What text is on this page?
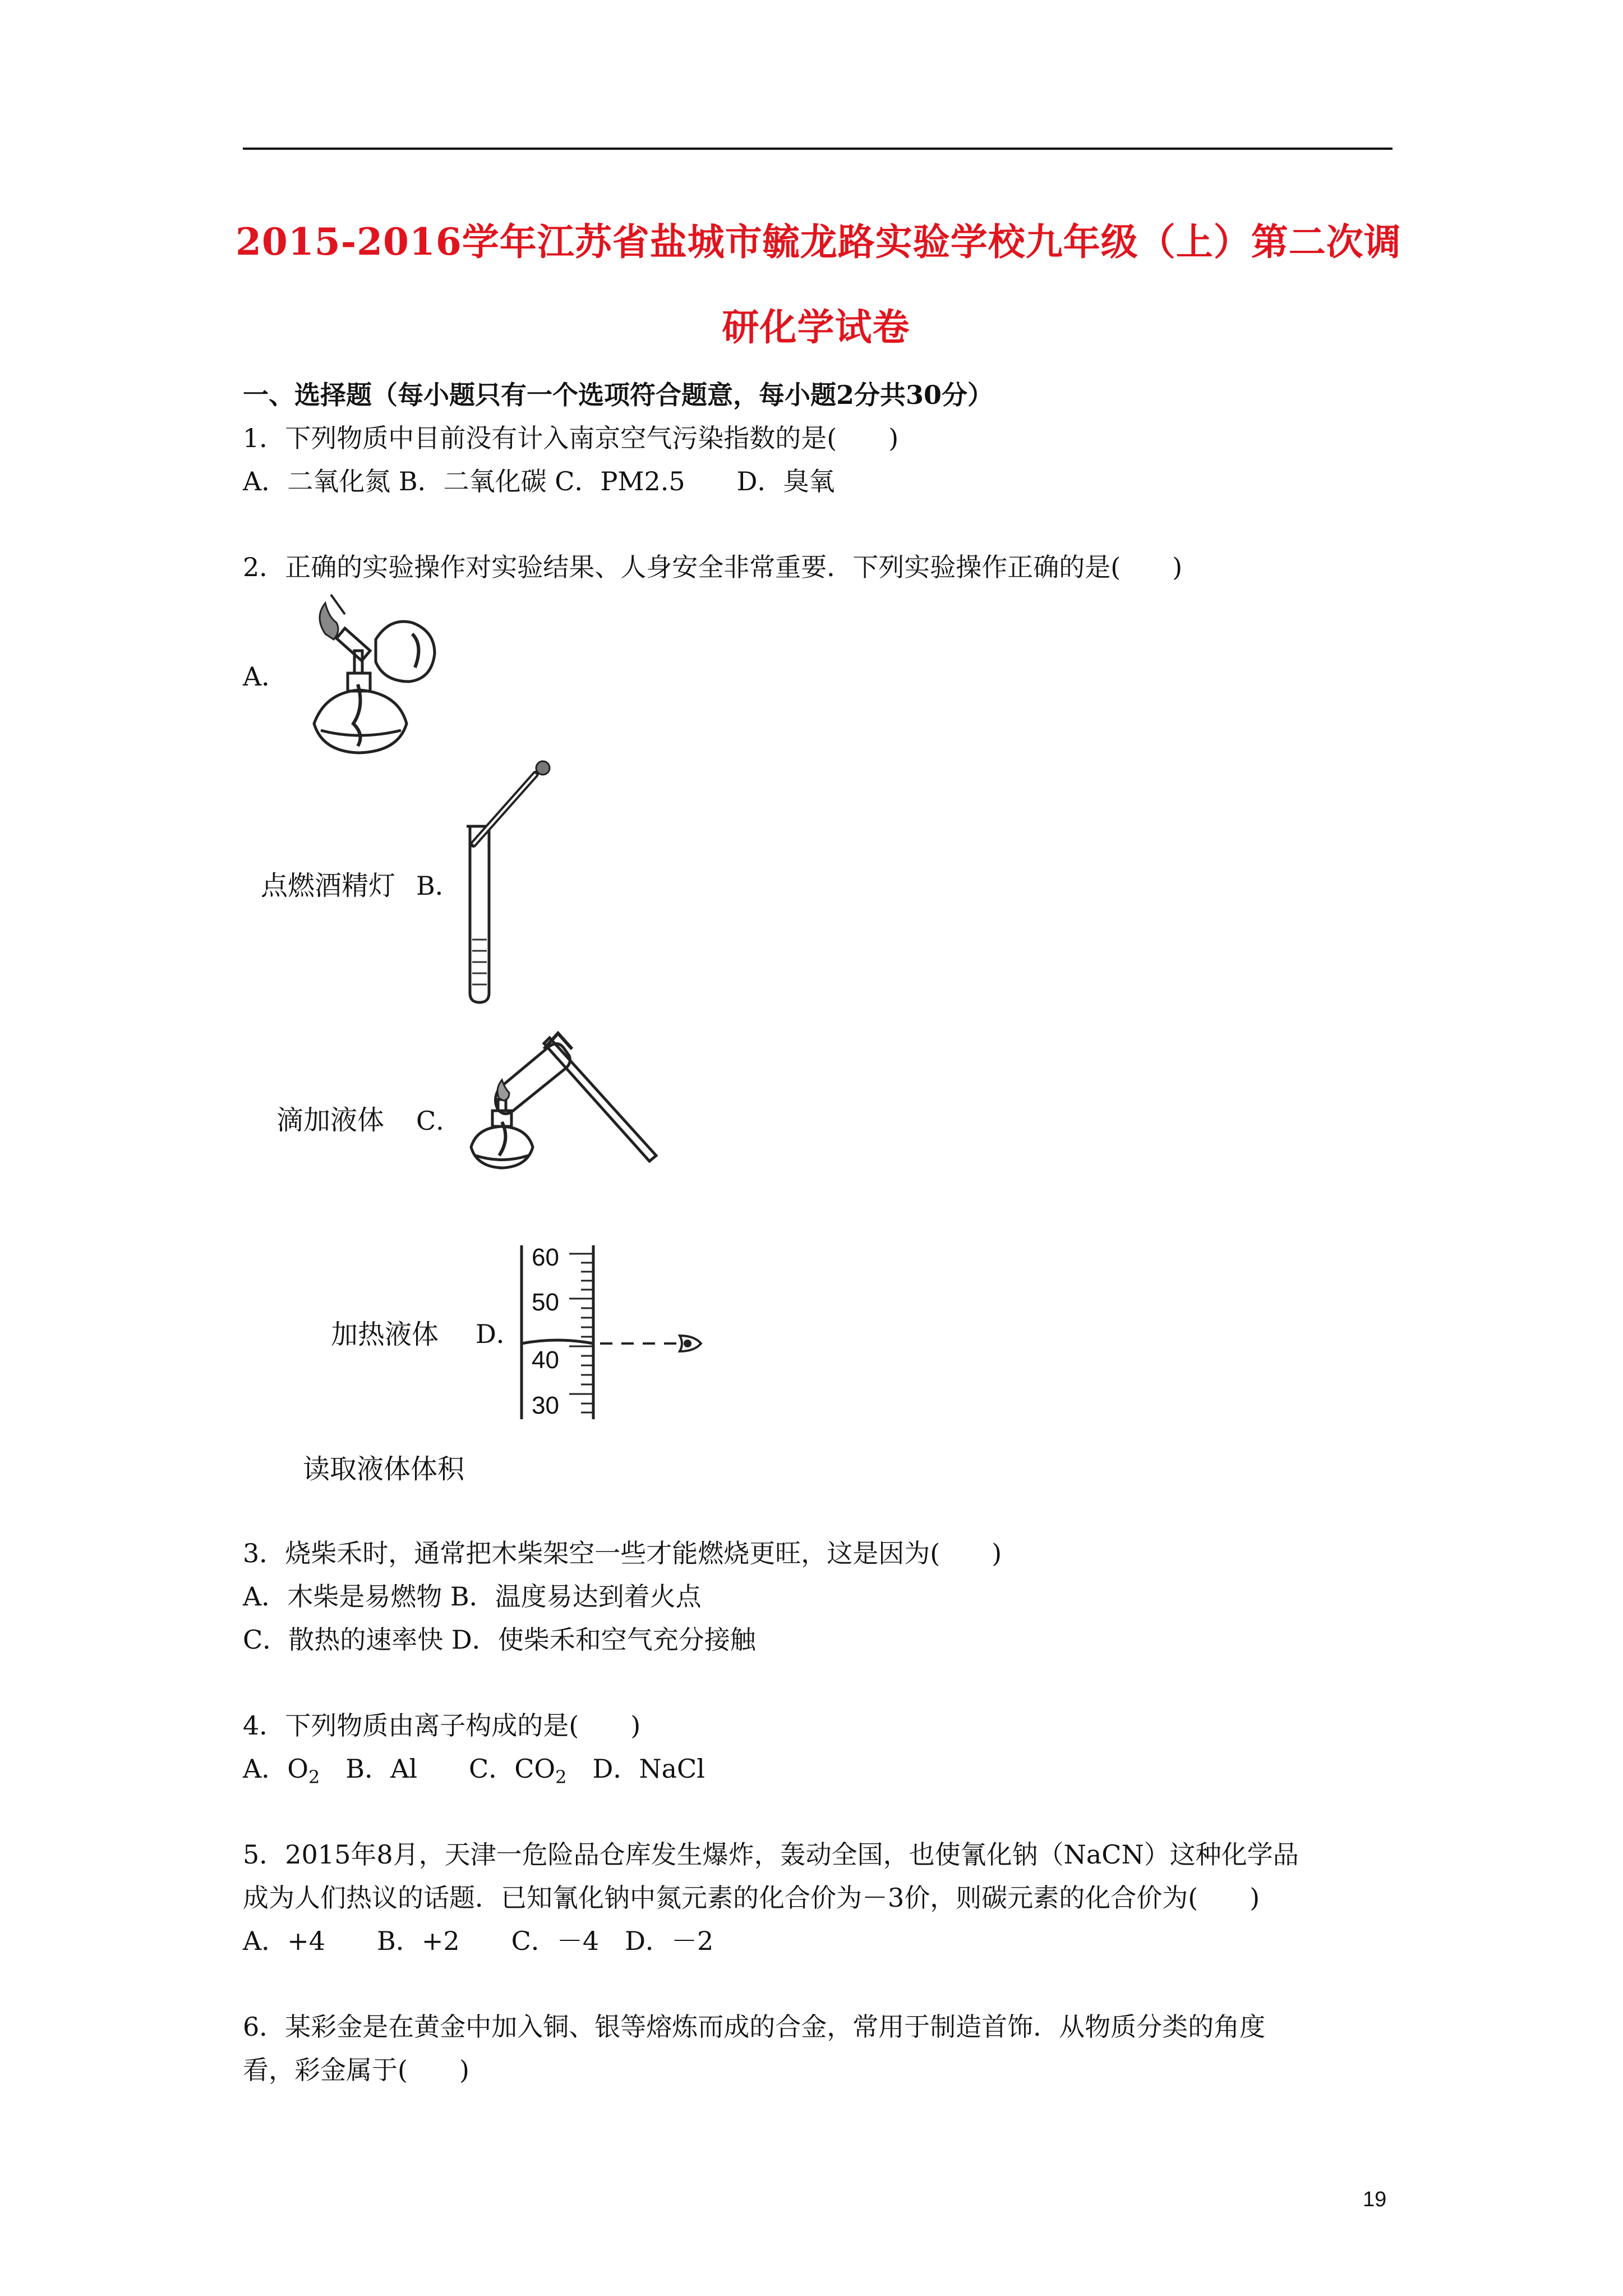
2015-2016学年江苏省盐城市毓龙路实验学校九年级（上）第二次调
研化学试卷
一、选择题（每小题只有一个选项符合题意，每小题2分共30分）
1．下列物质中目前没有计入南京空气污染指数的是(　　)
A．二氧化氮 B．二氧化碳 C．PM2.5　　D．臭氧
2．正确的实验操作对实验结果、人身安全非常重要．下列实验操作正确的是(　　)
A．
点燃酒精灯 B．
滴加液体 C．
加热液体 D．
60
50
40
30
读取液体体积
3．烧柴禾时，通常把木柴架空一些才能燃烧更旺，这是因为(　　)
A．木柴是易燃物 B．温度易达到着火点
C．散热的速率快 D．使柴禾和空气充分接触
4．下列物质由离子构成的是(　　)
A．$O_2$　B．Al　　C．$CO_2$　D．NaCl
5．2015年8月，天津一危险品仓库发生爆炸，轰动全国，也使氰化钠（NaCN）这种化学品
成为人们热议的话题．已知氰化钠中氮元素的化合价为－3价，则碳元素的化合价为(　　)
A．+4　　B．+2　　C．－4　D．－2
6．某彩金是在黄金中加入铜、银等熔炼而成的合金，常用于制造首饰．从物质分类的角度
看，彩金属于(　　)
19
